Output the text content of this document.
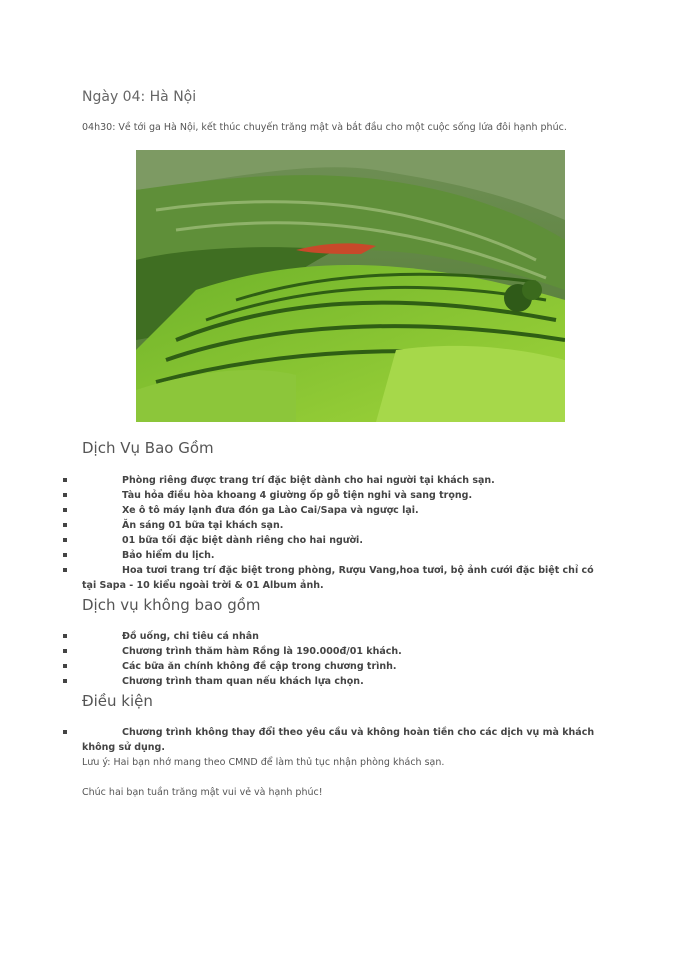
Ngày 04: Hà Nội
04h30: Về tới ga Hà Nội, kết thúc chuyến trăng mật và bắt đầu cho một cuộc sống lứa đôi hạnh phúc.
Dịch Vụ Bao Gồm
Phòng riêng được trang trí đặc biệt dành cho hai người tại khách sạn.
Tàu hỏa điều hòa khoang 4 giường ốp gỗ tiện nghi và sang trọng.
Xe ô tô máy lạnh đưa đón ga Lào Cai/Sapa và ngược lại.
Ăn sáng 01 bữa tại khách sạn.
01 bữa tối đặc biệt dành riêng cho hai người.
Bảo hiểm du lịch.
Hoa tươi trang trí đặc biệt trong phòng, Rượu Vang,hoa tươi, bộ ảnh cưới đặc biệt chỉ có tại Sapa - 10 kiểu ngoài trời & 01 Album ảnh.
Dịch vụ không bao gồm
Đồ uống, chi tiêu cá nhân
Chương trình thăm hàm Rồng là 190.000đ/01 khách.
Các bữa ăn chính không đề cập trong chương trình.
Chương trình tham quan nếu khách lựa chọn.
Điều kiện
Chương trình không thay đổi theo yêu cầu và không hoàn tiền cho các dịch vụ mà khách không sử dụng.
Lưu ý: Hai bạn nhớ mang theo CMND để làm thủ tục nhận phòng khách sạn.
Chúc hai bạn tuần trăng mật vui vẻ và hạnh phúc!
